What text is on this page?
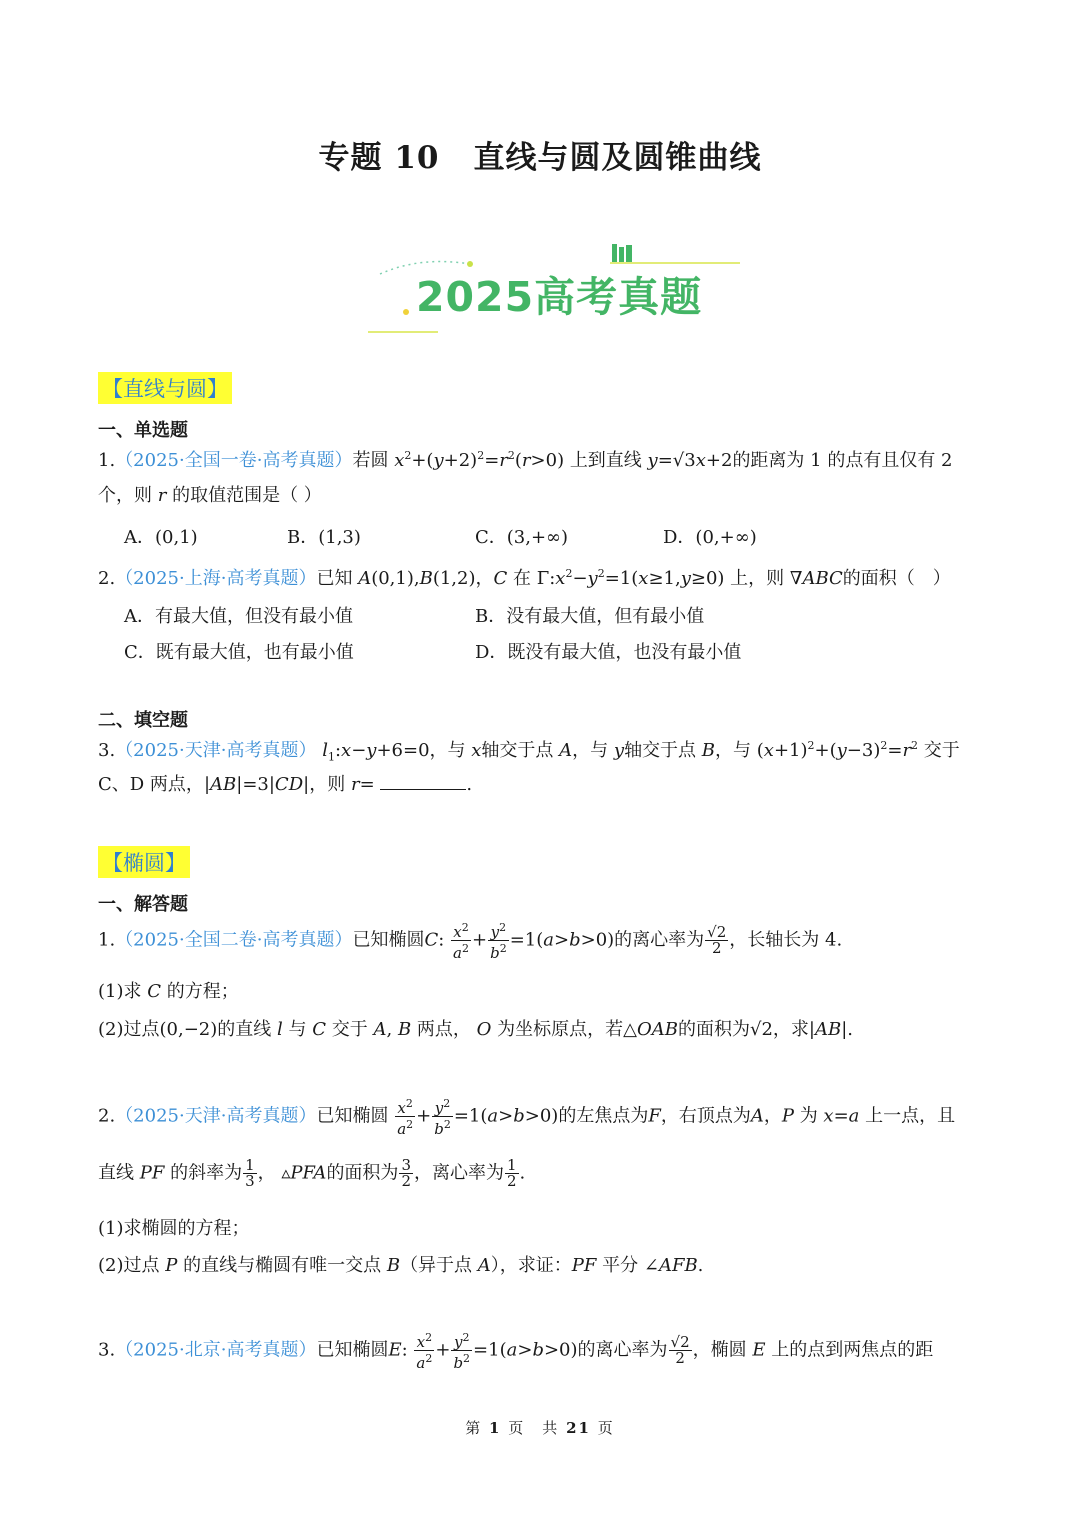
专题 10 直线与圆及圆锥曲线
2025高考真题
【直线与圆】
一、单选题
1.（2025·全国一卷·高考真题）若圆 $x^2+(y+2)^2=r^2(r>0)$ 上到直线 y=√3x+2的距离为 1 的点有且仅有 2
个，则 r 的取值范围是（ ）
A．(0,1)	B．(1,3)	C．(3,+∞)	D．(0,+∞)
2.（2025·上海·高考真题）已知 A(0,1),B(1,2)，C 在 $\Gamma:x^2-y^2=1(x\ge 1,y\ge 0)$ 上，则 ∇ABC的面积（　）
A．有最大值，但没有最小值	B．没有最大值，但有最小值
C．既有最大值，也有最小值	D．既没有最大值，也没有最小值
二、填空题
3.（2025·天津·高考真题） $l_1:x-y+6=0$，与 x轴交于点 A，与 y轴交于点 B，与 $(x+1)^2+(y-3)^2=r^2$ 交于
C、D 两点，|AB|=3|CD|，则 r=	.
【椭圆】
一、解答题
1.（2025·全国二卷·高考真题）已知椭圆C: $\frac{x^2}{a^2} + \frac{y^2}{b^2} =1(a>b>0)$的离心率为 $\frac{√2}{2}$ ，长轴长为 4.
(1)求 C 的方程；
(2)过点(0,−2)的直线 l 与 C 交于 A, B 两点， O 为坐标原点，若△OAB的面积为√2，求|AB|.
2.（2025·天津·高考真题）已知椭圆 $\frac{x^2}{a^2} + \frac{y^2}{b^2} =1(a>b>0)$的左焦点为F，右顶点为A，P 为 x=a 上一点，且
直线 PF 的斜率为 $\frac{1}{3}$ ， ▵PFA的面积为 $\frac{3}{2}$ ，离心率为 $\frac{1}{2}$ .
(1)求椭圆的方程；
(2)过点 P 的直线与椭圆有唯一交点 B（异于点 A），求证：PF 平分 ∠AFB.
3.（2025·北京·高考真题）已知椭圆E: $\frac{x^2}{a^2} + \frac{y^2}{b^2} =1(a>b>0)$的离心率为 $\frac{√2}{2}$ ，椭圆 E 上的点到两焦点的距
第 1 页　共 21 页
